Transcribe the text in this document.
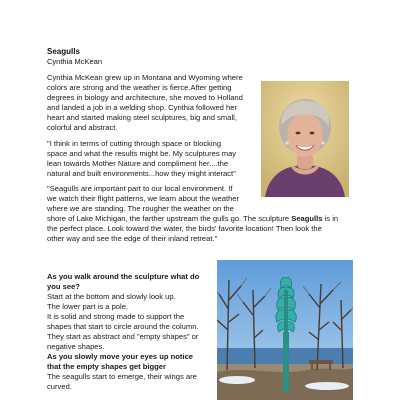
Seagulls
Cynthia McKean
Cynthia McKean grew up in Montana and Wyoming where
colors are strong and the weather is fierce.After getting
degrees in biology and architecture, she moved to Holland
and landed a job in a welding shop. Cynthia followed her
heart and started making steel sculptures, big and small,
colorful and abstract.
"I think in terms of cutting through space or blocking
space and what the results might be. My sculptures may
lean towards Mother Nature and compliment her....the
natural and built environments...how they might interact"
"Seagulls are important part to our local environment. If
we watch their flight patterns, we learn about the weather
where we are standing. The rougher the weather on the
shore of Lake Michigan, the farther upstream the gulls go. The sculpture Seagulls is in
the perfect place. Look toward the water, the birds' favorite location! Then look the
other way and see the edge of their inland retreat."
As you walk around the sculpture what do
you see?
Start at the bottom and slowly look up.
The lower part is a pole.
It is solid and strong made to support the
shapes that start to circle around the column.
They start as abstract and "empty shapes" or
negative shapes.
As you slowly move your eyes up notice
that the empty shapes get bigger
The seagulls start to emerge, their wings are
curved.
